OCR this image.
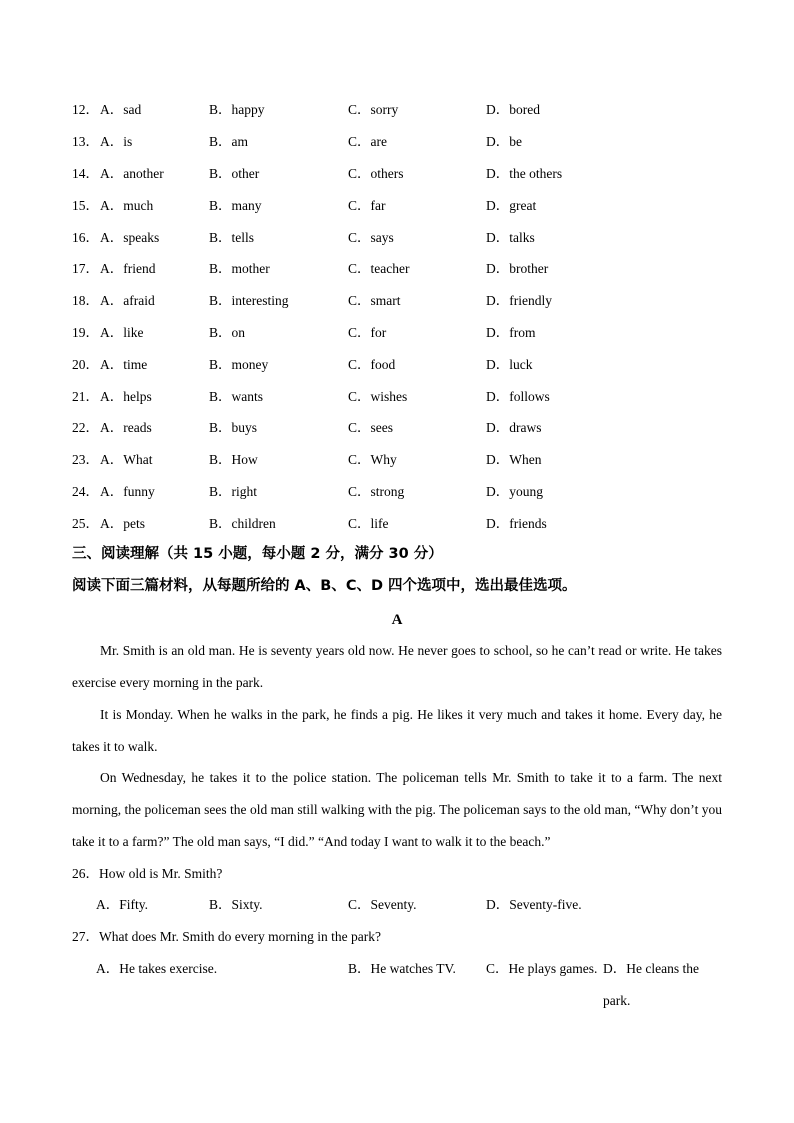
12． A．sad	B．happy	C．sorry	D．bored
13． A．is	B．am	C．are	D．be
14． A．another	B．other	C．others	D．the others
15． A．much	B．many	C．far	D．great
16． A．speaks	B．tells	C．says	D．talks
17． A．friend	B．mother	C．teacher	D．brother
18． A．afraid	B．interesting	C．smart	D．friendly
19． A．like	B．on	C．for	D．from
20． A．time	B．money	C．food	D．luck
21． A．helps	B．wants	C．wishes	D．follows
22． A．reads	B．buys	C．sees	D．draws
23． A．What	B．How	C．Why	D．When
24． A．funny	B．right	C．strong	D．young
25． A．pets	B．children	C．life	D．friends
三、阅读理解（共 15 小题，每小题 2 分，满分 30 分）
阅读下面三篇材料，从每题所给的 A、B、C、D 四个选项中，选出最佳选项。
A

Mr. Smith is an old man. He is seventy years old now. He never goes to school, so he can’t read or write. He takes exercise every morning in the park.

It is Monday. When he walks in the park, he finds a pig. He likes it very much and takes it home. Every day, he takes it to walk.

On Wednesday, he takes it to the police station. The policeman tells Mr. Smith to take it to a farm. The next morning, the policeman sees the old man still walking with the pig. The policeman says to the old man, “Why don’t you take it to a farm?” The old man says, “I did.” “And today I want to walk it to the beach.”

26．How old is Mr. Smith?
A．Fifty.	B．Sixty.	C．Seventy.	D．Seventy-five.
27．What does Mr. Smith do every morning in the park?
A．He takes exercise.	B．He watches TV. C．He plays games. D．He cleans the park.
